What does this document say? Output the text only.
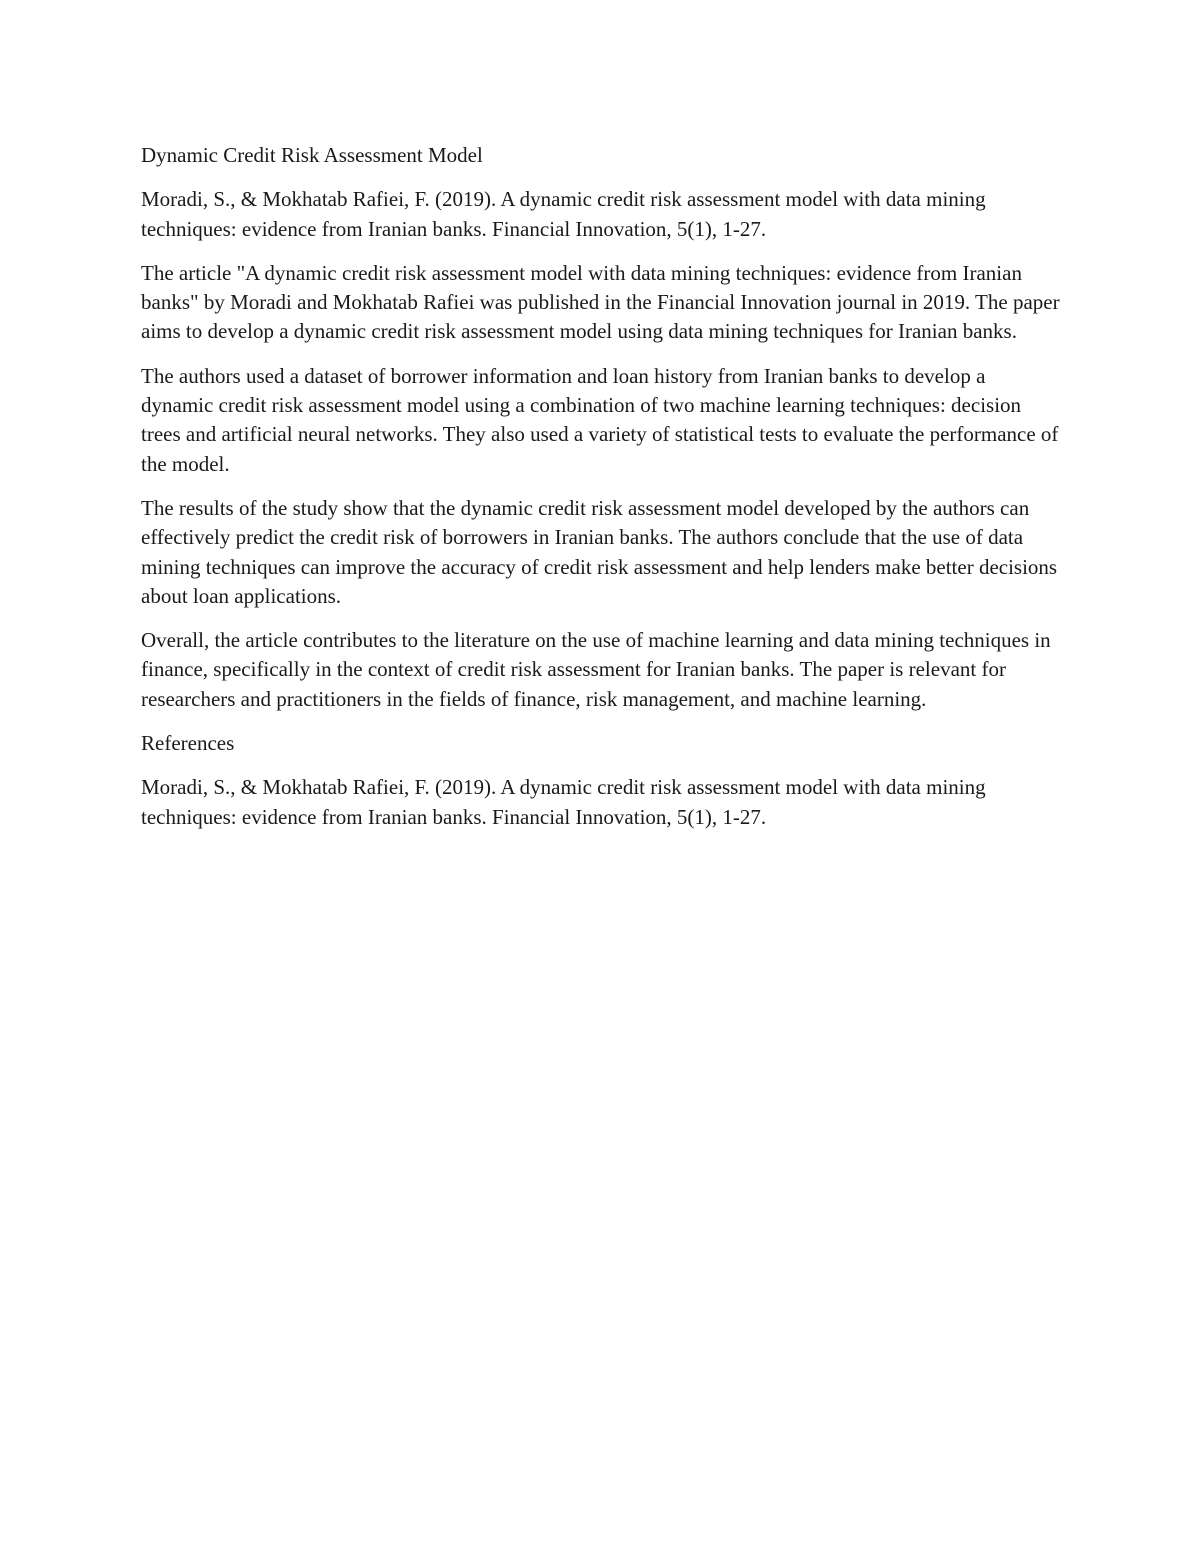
Dynamic Credit Risk Assessment Model

Moradi, S., & Mokhatab Rafiei, F. (2019). A dynamic credit risk assessment model with data mining techniques: evidence from Iranian banks. Financial Innovation, 5(1), 1-27.

The article "A dynamic credit risk assessment model with data mining techniques: evidence from Iranian banks" by Moradi and Mokhatab Rafiei was published in the Financial Innovation journal in 2019. The paper aims to develop a dynamic credit risk assessment model using data mining techniques for Iranian banks.

The authors used a dataset of borrower information and loan history from Iranian banks to develop a dynamic credit risk assessment model using a combination of two machine learning techniques: decision trees and artificial neural networks. They also used a variety of statistical tests to evaluate the performance of the model.

The results of the study show that the dynamic credit risk assessment model developed by the authors can effectively predict the credit risk of borrowers in Iranian banks. The authors conclude that the use of data mining techniques can improve the accuracy of credit risk assessment and help lenders make better decisions about loan applications.

Overall, the article contributes to the literature on the use of machine learning and data mining techniques in finance, specifically in the context of credit risk assessment for Iranian banks. The paper is relevant for researchers and practitioners in the fields of finance, risk management, and machine learning.

References

Moradi, S., & Mokhatab Rafiei, F. (2019). A dynamic credit risk assessment model with data mining techniques: evidence from Iranian banks. Financial Innovation, 5(1), 1-27.
